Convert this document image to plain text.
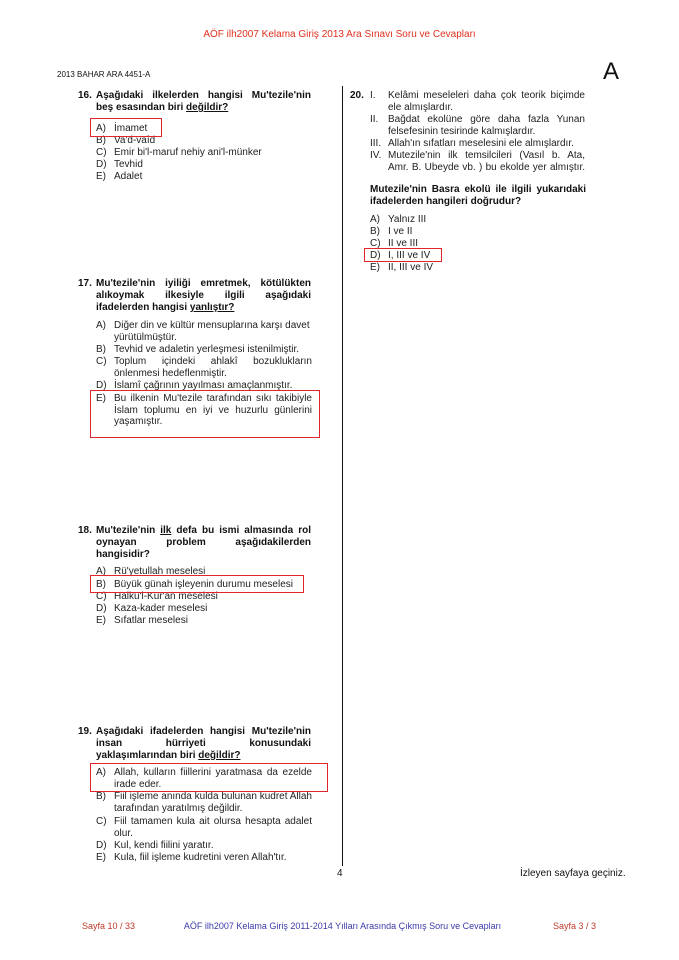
AÖF ilh2007 Kelama Giriş 2013 Ara Sınavı Soru ve Cevapları
2013 BAHAR ARA 4451-A	A
16. Aşağıdaki ilkelerden hangisi Mu'tezile'nin
beş esasından biri değildir?
A) İmamet
B) Va'd-vaîd
C) Emir bi'l-maruf nehiy ani'l-münker
D) Tevhid
E) Adalet
17. Mu'tezile'nin iyiliği emretmek, kötülükten
alıkoymak ilkesiyle ilgili aşağıdaki
ifadelerden hangisi yanlıştır?
A) Diğer din ve kültür mensuplarına karşı davet
yürütülmüştür.
B) Tevhid ve adaletin yerleşmesi istenilmiştir.
C) Toplum içindeki ahlakî bozuklukların
önlenmesi hedeflenmiştir.
D) İslamî çağrının yayılması amaçlanmıştır.
E) Bu ilkenin Mu'tezile tarafından sıkı takibiyle
İslam toplumu en iyi ve huzurlu günlerini
yaşamıştır.
18. Mu'tezile'nin ilk defa bu ismi almasında rol
oynayan problem aşağıdakilerden
hangisidir?
A) Rü'yetullah meselesi
B) Büyük günah işleyenin durumu meselesi
C) Halku'l-Kur'an meselesi
D) Kaza-kader meselesi
E) Sıfatlar meselesi
19. Aşağıdaki ifadelerden hangisi Mu'tezile'nin
insan hürriyeti konusundaki
yaklaşımlarından biri değildir?
A) Allah, kulların fiillerini yaratmasa da ezelde
irade eder.
B) Fiil işleme anında kulda bulunan kudret Allah
tarafından yaratılmış değildir.
C) Fiil tamamen kula ait olursa hesapta adalet
olur.
D) Kul, kendi fiilini yaratır.
E) Kula, fiil işleme kudretini veren Allah'tır.
20. I. Kelâmi meseleleri daha çok teorik biçimde
ele almışlardır.
II. Bağdat ekolüne göre daha fazla Yunan
felsefesinin tesirinde kalmışlardır.
III. Allah'ın sıfatları meselesini ele almışlardır.
IV. Mutezile'nin ilk temsilcileri (Vasıl b. Ata,
Amr. B. Ubeyde vb. ) bu ekolde yer almıştır.
Mutezile'nin Basra ekolü ile ilgili yukarıdaki
ifadelerden hangileri doğrudur?
A) Yalnız III
B) I ve II
C) II ve III
D) I, III ve IV
E) II, III ve IV
4	İzleyen sayfaya geçiniz.
Sayfa 10 / 33	AÖF ilh2007 Kelama Giriş 2011-2014 Yılları Arasında Çıkmış Soru ve Cevapları	Sayfa 3 / 3
